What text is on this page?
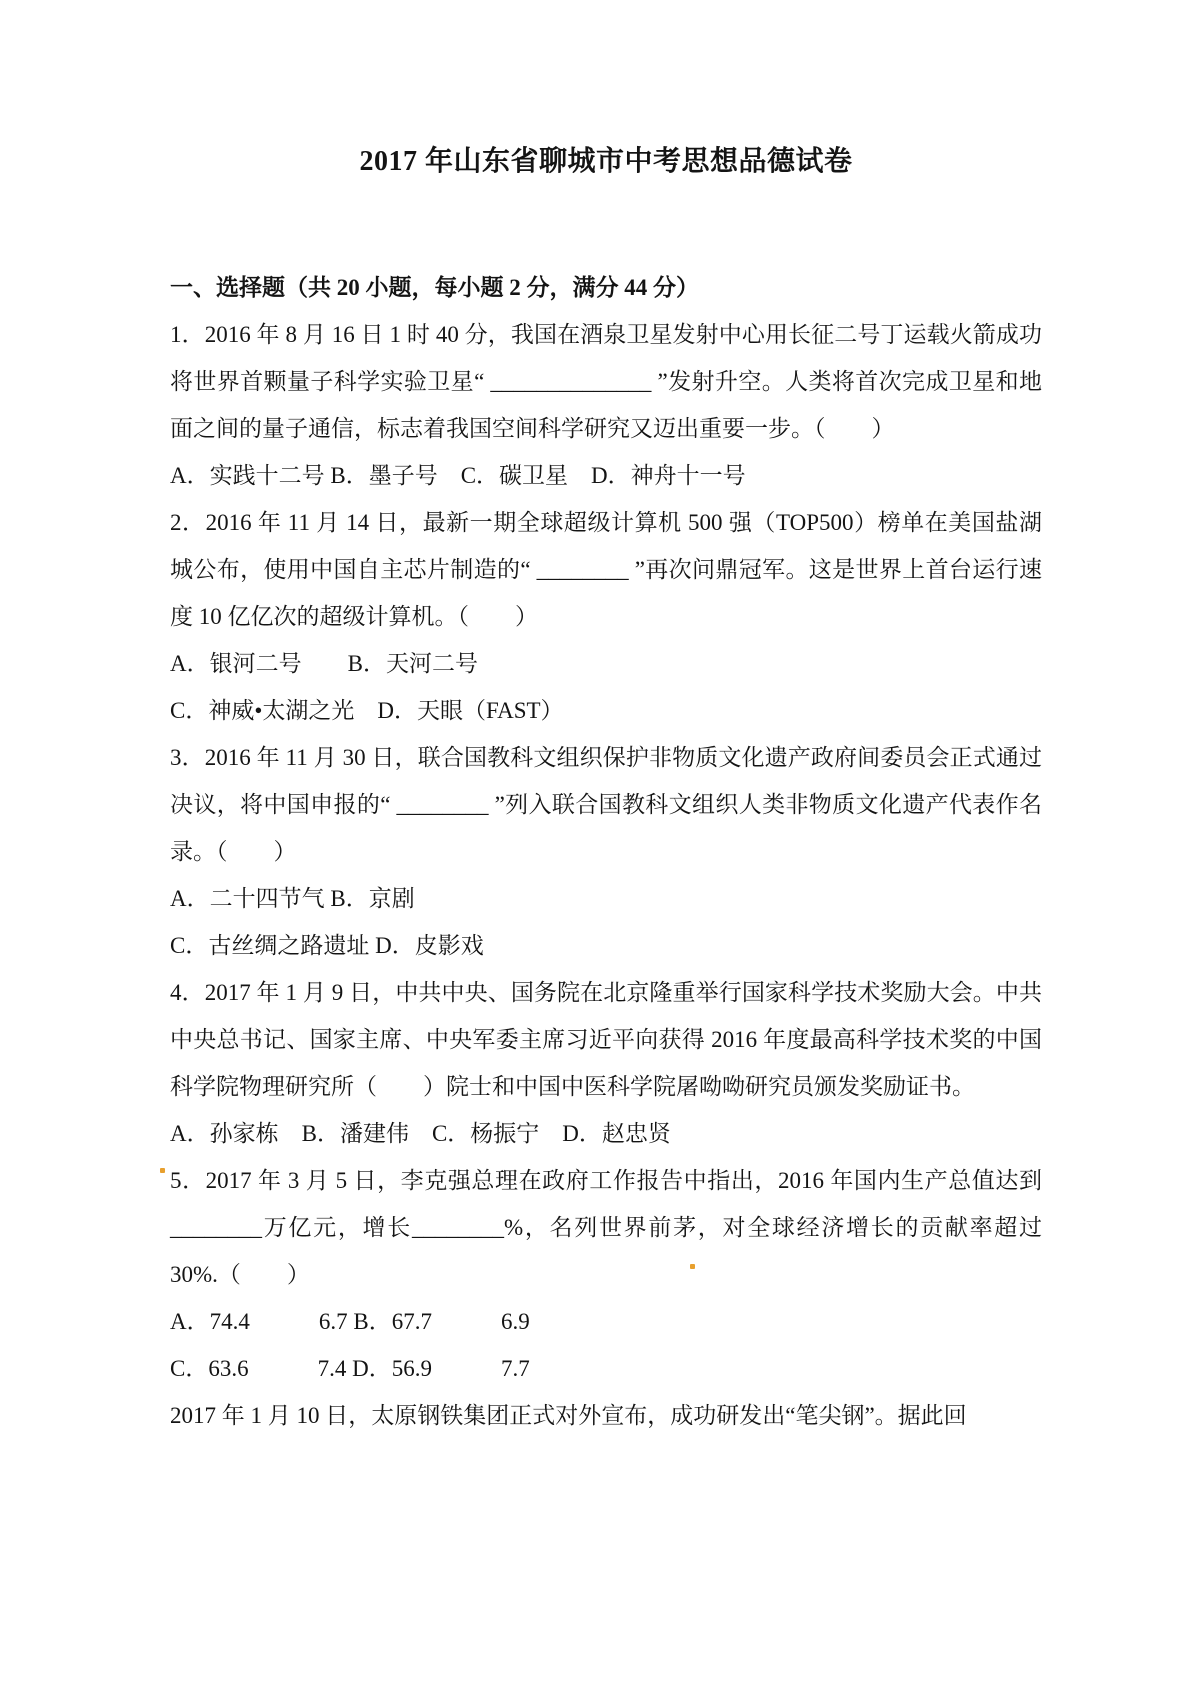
2017 年山东省聊城市中考思想品德试卷
一、选择题（共 20 小题，每小题 2 分，满分 44 分）

1．2016 年 8 月 16 日 1 时 40 分，我国在酒泉卫星发射中心用长征二号丁运载火箭成功将世界首颗量子科学实验卫星“ ______________ ”发射升空。人类将首次完成卫星和地面之间的量子通信，标志着我国空间科学研究又迈出重要一步。（　　）

A．实践十二号 B．墨子号　C．碳卫星　D．神舟十一号

2．2016 年 11 月 14 日，最新一期全球超级计算机 500 强（TOP500）榜单在美国盐湖城公布，使用中国自主芯片制造的“ ________ ”再次问鼎冠军。这是世界上首台运行速度 10 亿亿次的超级计算机。（　　）

A．银河二号　　B．天河二号

C．神威•太湖之光　D．天眼（FAST）

3．2016 年 11 月 30 日，联合国教科文组织保护非物质文化遗产政府间委员会正式通过决议，将中国申报的“ ________ ”列入联合国教科文组织人类非物质文化遗产代表作名录。（　　）

A．二十四节气 B．京剧

C．古丝绸之路遗址 D．皮影戏

4．2017 年 1 月 9 日，中共中央、国务院在北京隆重举行国家科学技术奖励大会。中共中央总书记、国家主席、中央军委主席习近平向获得 2016 年度最高科学技术奖的中国科学院物理研究所（　　）院士和中国中医科学院屠呦呦研究员颁发奖励证书。

A．孙家栋　B．潘建伟　C．杨振宁　D．赵忠贤

5．2017 年 3 月 5 日，李克强总理在政府工作报告中指出，2016 年国内生产总值达到________万亿元，增长________%，名列世界前茅，对全球经济增长的贡献率超过 30%.（　　）

A．74.4　　　6.7 B．67.7　　　6.9

C．63.6　　　7.4 D．56.9　　　7.7

2017 年 1 月 10 日，太原钢铁集团正式对外宣布，成功研发出“笔尖钢”。据此回
